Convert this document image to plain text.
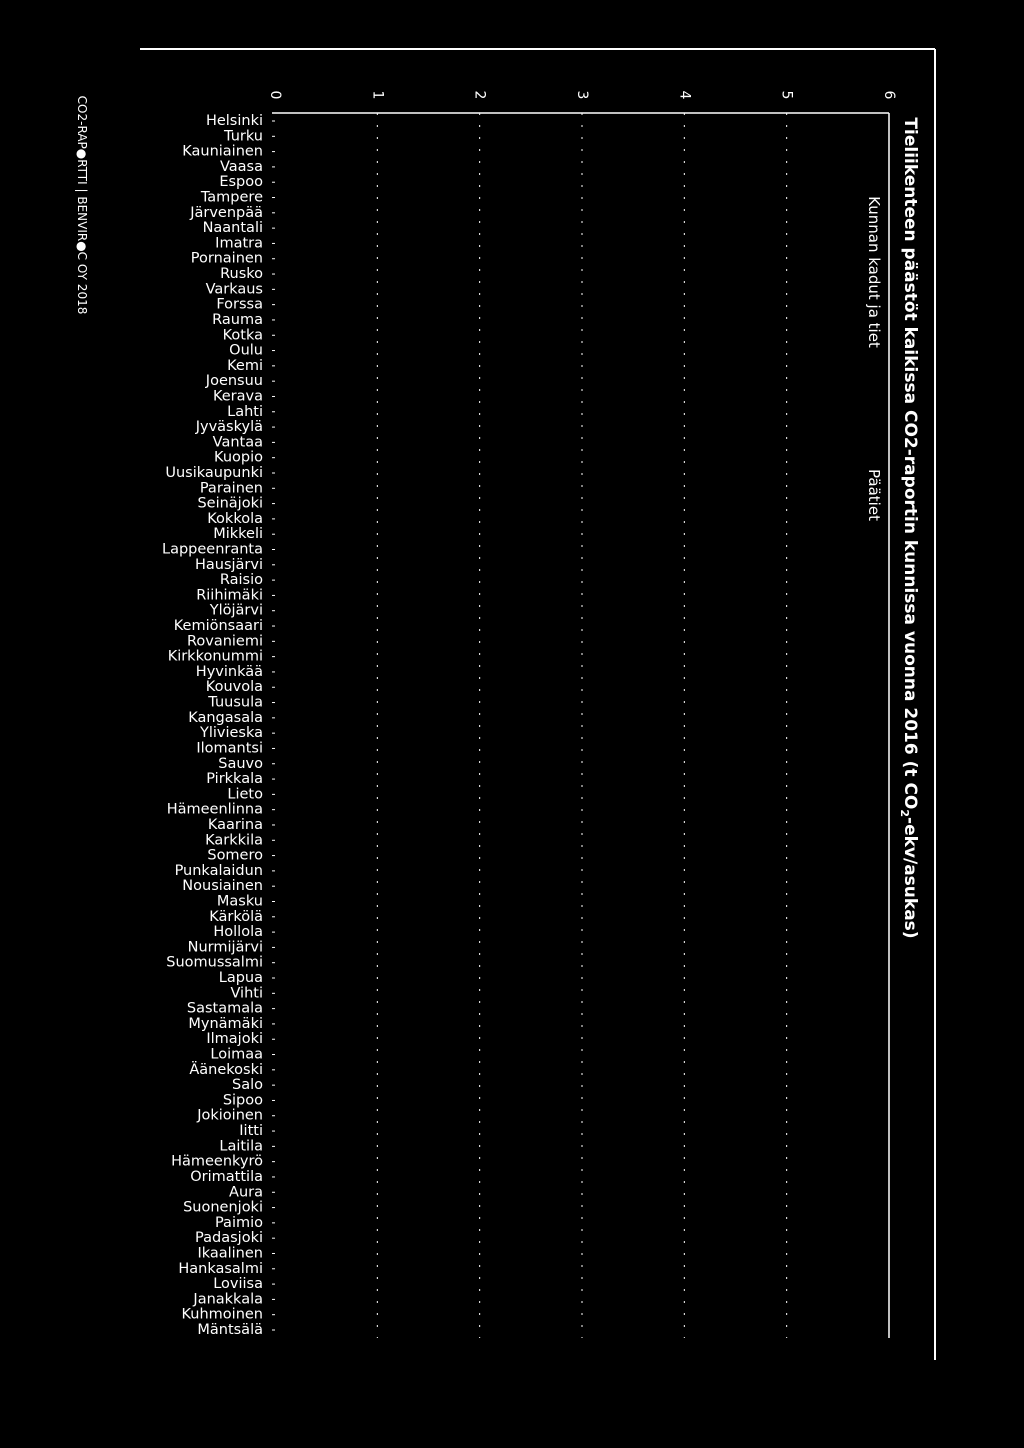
0	1	2	3	4	5	6
Helsinki
Turku
Kauniainen
Vaasa
Espoo
Tampere
Järvenpää
Naantali
Imatra
Pornainen
Rusko
Varkaus
Forssa
Rauma
Kotka
Oulu
Kemi
Joensuu
Kerava
Lahti
Jyväskylä
Vantaa
Kuopio
Uusikaupunki
Parainen
Seinäjoki
Kokkola
Mikkeli
Lappeenranta
Hausjärvi
Raisio
Riihimäki
Ylöjärvi
Kemiönsaari
Rovaniemi
Kirkkonummi
Hyvinkää
Kouvola
Tuusula
Kangasala
Ylivieska
Ilomantsi
Sauvo
Pirkkala
Lieto
Hämeenlinna
Kaarina
Karkkila
Somero
Punkalaidun
Nousiainen
Masku
Kärkölä
Hollola
Nurmijärvi
Suomussalmi
Lapua
Vihti
Sastamala
Mynämäki
Ilmajoki
Loimaa
Äänekoski
Salo
Sipoo
Jokioinen
Iitti
Laitila
Hämeenkyrö
Orimattila
Aura
Suonenjoki
Paimio
Padasjoki
Ikaalinen
Hankasalmi
Loviisa
Janakkala
Kuhmoinen
Mäntsälä
CO2-RAP●RTTI | BENVIR●C OY 2018	Tieliikenteen päästöt kaikissa CO2-raportin kunnissa vuonna 2016 (t $CO_2-ekv/asukas$)
Kunnan kadut ja tiet
Päätiet
